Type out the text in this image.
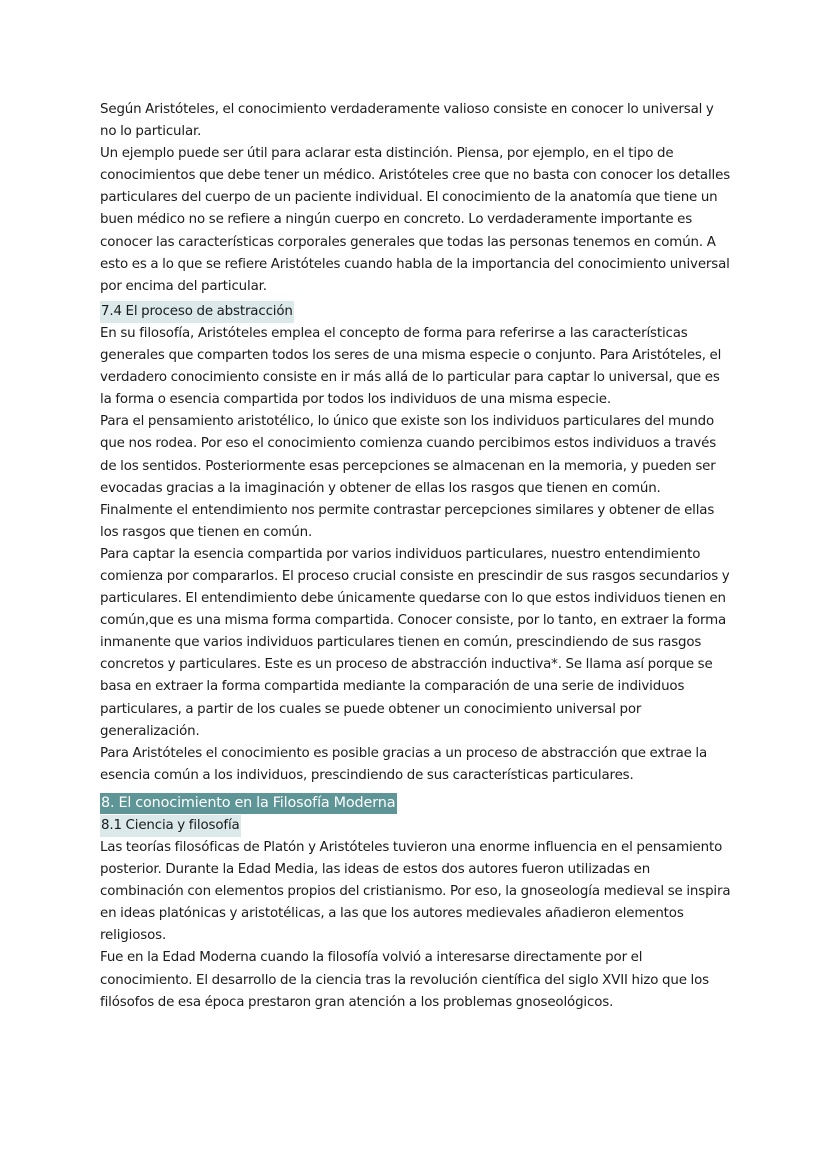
Según Aristóteles, el conocimiento verdaderamente valioso consiste en conocer lo universal y no lo particular.

Un ejemplo puede ser útil para aclarar esta distinción. Piensa, por ejemplo, en el tipo de conocimientos que debe tener un médico. Aristóteles cree que no basta con conocer los detalles particulares del cuerpo de un paciente individual. El conocimiento de la anatomía que tiene un buen médico no se refiere a ningún cuerpo en concreto. Lo verdaderamente importante es conocer las características corporales generales que todas las personas tenemos en común. A esto es a lo que se refiere Aristóteles cuando habla de la importancia del conocimiento universal por encima del particular.

7.4 El proceso de abstracción

En su filosofía, Aristóteles emplea el concepto de forma para referirse a las características generales que comparten todos los seres de una misma especie o conjunto. Para Aristóteles, el verdadero conocimiento consiste en ir más allá de lo particular para captar lo universal, que es la forma o esencia compartida por todos los individuos de una misma especie.

Para el pensamiento aristotélico, lo único que existe son los individuos particulares del mundo que nos rodea. Por eso el conocimiento comienza cuando percibimos estos individuos a través de los sentidos. Posteriormente esas percepciones se almacenan en la memoria, y pueden ser evocadas gracias a la imaginación y obtener de ellas los rasgos que tienen en común.

Finalmente el entendimiento nos permite contrastar percepciones similares y obtener de ellas los rasgos que tienen en común.

Para captar la esencia compartida por varios individuos particulares, nuestro entendimiento comienza por compararlos. El proceso crucial consiste en prescindir de sus rasgos secundarios y particulares. El entendimiento debe únicamente quedarse con lo que estos individuos tienen en común,que es una misma forma compartida. Conocer consiste, por lo tanto, en extraer la forma inmanente que varios individuos particulares tienen en común, prescindiendo de sus rasgos concretos y particulares. Este es un proceso de abstracción inductiva*. Se llama así porque se basa en extraer la forma compartida mediante la comparación de una serie de individuos particulares, a partir de los cuales se puede obtener un conocimiento universal por generalización.

Para Aristóteles el conocimiento es posible gracias a un proceso de abstracción que extrae la esencia común a los individuos, prescindiendo de sus características particulares.

8. El conocimiento en la Filosofía Moderna
8.1 Ciencia y filosofía

Las teorías filosóficas de Platón y Aristóteles tuvieron una enorme influencia en el pensamiento posterior. Durante la Edad Media, las ideas de estos dos autores fueron utilizadas en combinación con elementos propios del cristianismo. Por eso, la gnoseología medieval se inspira en ideas platónicas y aristotélicas, a las que los autores medievales añadieron elementos religiosos.

Fue en la Edad Moderna cuando la filosofía volvió a interesarse directamente por el conocimiento. El desarrollo de la ciencia tras la revolución científica del siglo XVII hizo que los filósofos de esa época prestaron gran atención a los problemas gnoseológicos.
